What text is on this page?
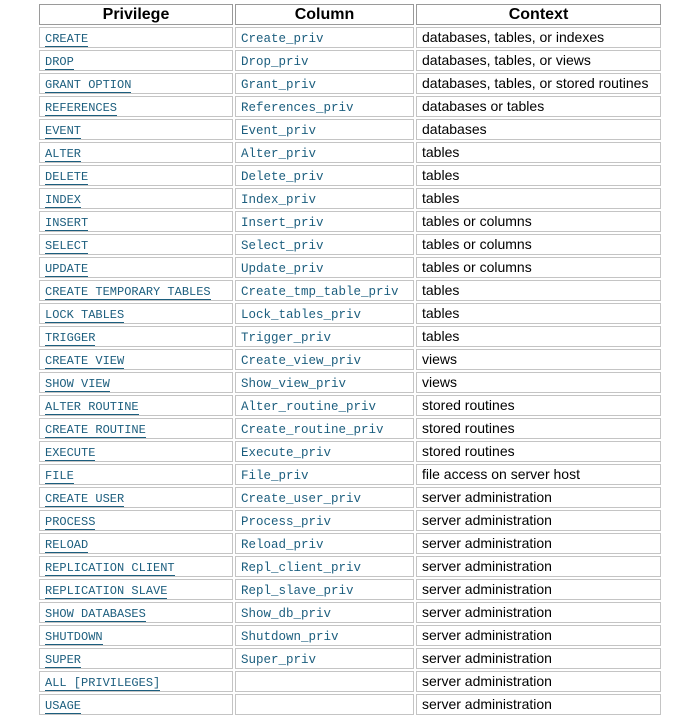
Privilege	Column	Context
CREATE	Create_priv	databases, tables, or indexes
DROP	Drop_priv	databases, tables, or views
GRANT OPTION	Grant_priv	databases, tables, or stored routines
REFERENCES	References_priv	databases or tables
EVENT	Event_priv	databases
ALTER	Alter_priv	tables
DELETE	Delete_priv	tables
INDEX	Index_priv	tables
INSERT	Insert_priv	tables or columns
SELECT	Select_priv	tables or columns
UPDATE	Update_priv	tables or columns
CREATE TEMPORARY TABLES	Create_tmp_table_priv	tables
LOCK TABLES	Lock_tables_priv	tables
TRIGGER	Trigger_priv	tables
CREATE VIEW	Create_view_priv	views
SHOW VIEW	Show_view_priv	views
ALTER ROUTINE	Alter_routine_priv	stored routines
CREATE ROUTINE	Create_routine_priv	stored routines
EXECUTE	Execute_priv	stored routines
FILE	File_priv	file access on server host
CREATE USER	Create_user_priv	server administration
PROCESS	Process_priv	server administration
RELOAD	Reload_priv	server administration
REPLICATION CLIENT	Repl_client_priv	server administration
REPLICATION SLAVE	Repl_slave_priv	server administration
SHOW DATABASES	Show_db_priv	server administration
SHUTDOWN	Shutdown_priv	server administration
SUPER	Super_priv	server administration
ALL [PRIVILEGES]		server administration
USAGE		server administration
